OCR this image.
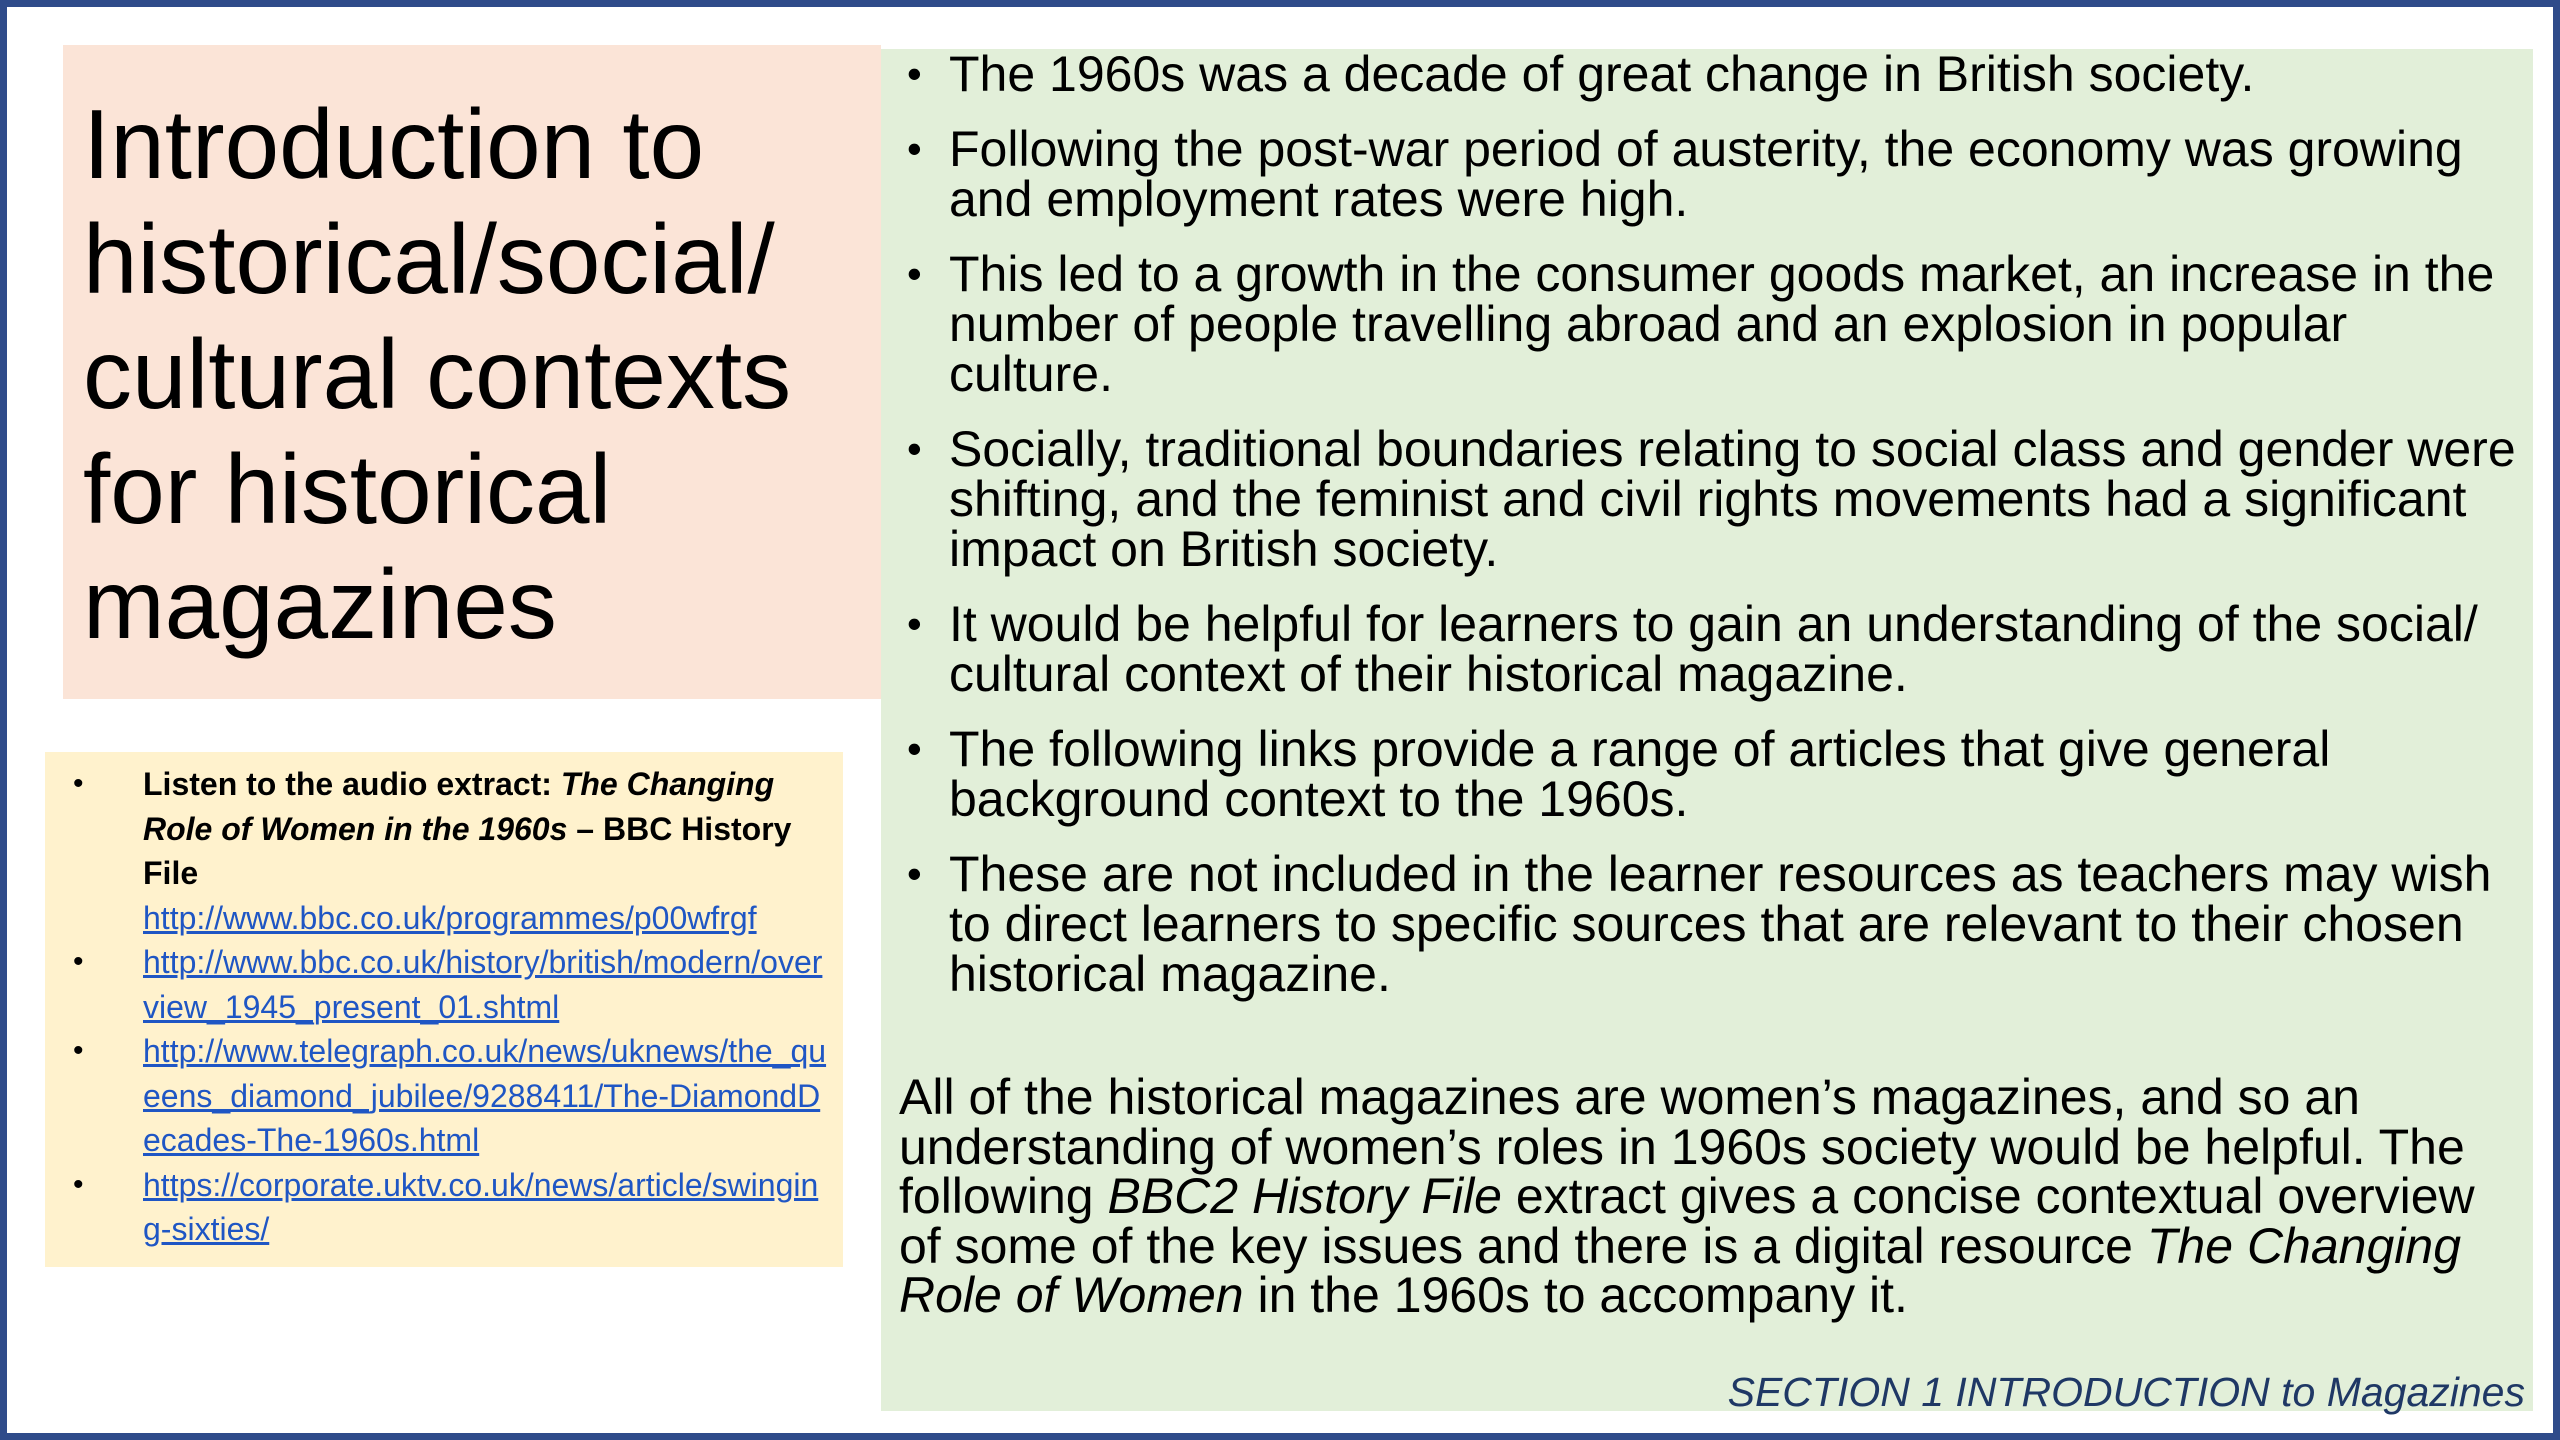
Introduction to
historical/social/
cultural contexts
for historical
magazines
• Listen to the audio extract: The Changing Role of Women in the 1960s – BBC History File
http://www.bbc.co.uk/programmes/p00wfrgf
• http://www.bbc.co.uk/history/british/modern/overview_1945_present_01.shtml
• http://www.telegraph.co.uk/news/uknews/the_queens_diamond_jubilee/9288411/The-DiamondDecades-The-1960s.html
• https://corporate.uktv.co.uk/news/article/swinging-sixties/
• The 1960s was a decade of great change in British society.
• Following the post-war period of austerity, the economy was growing and employment rates were high.
• This led to a growth in the consumer goods market, an increase in the number of people travelling abroad and an explosion in popular culture.
• Socially, traditional boundaries relating to social class and gender were shifting, and the feminist and civil rights movements had a significant impact on British society.
• It would be helpful for learners to gain an understanding of the social/ cultural context of their historical magazine.
• The following links provide a range of articles that give general background context to the 1960s.
• These are not included in the learner resources as teachers may wish to direct learners to specific sources that are relevant to their chosen historical magazine.

All of the historical magazines are women’s magazines, and so an understanding of women’s roles in 1960s society would be helpful. The following BBC2 History File extract gives a concise contextual overview of some of the key issues and there is a digital resource The Changing Role of Women in the 1960s to accompany it.

SECTION 1 INTRODUCTION to Magazines
